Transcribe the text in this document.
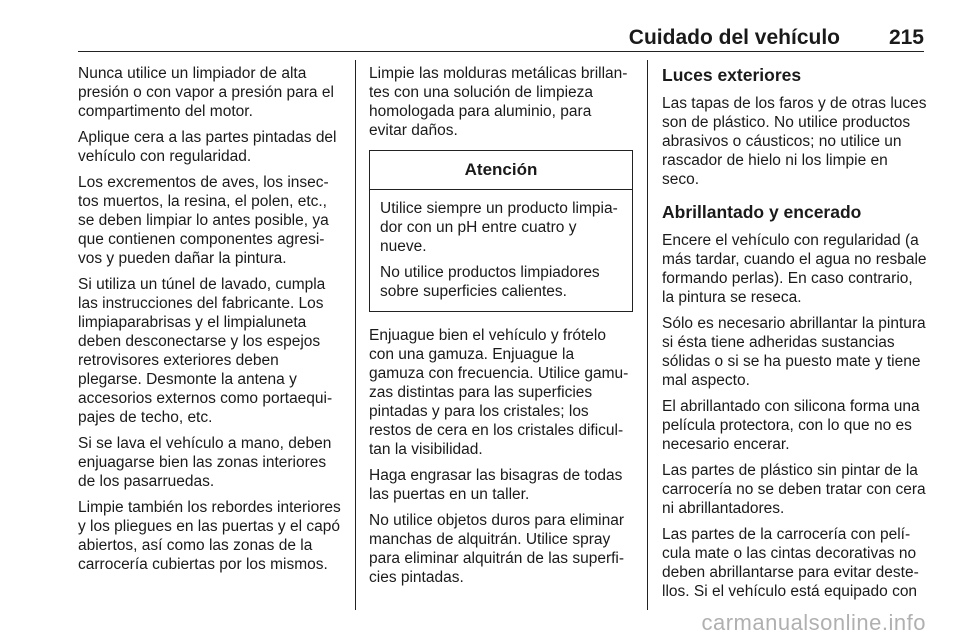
Cuidado del vehículo 215

Nunca utilice un limpiador de alta presión o con vapor a presión para el compartimento del motor.

Aplique cera a las partes pintadas del vehículo con regularidad.

Los excrementos de aves, los insectos muertos, la resina, el polen, etc., se deben limpiar lo antes posible, ya que contienen componentes agresivos y pueden dañar la pintura.

Si utiliza un túnel de lavado, cumpla las instrucciones del fabricante. Los limpiaparabrisas y el limpialuneta deben desconectarse y los espejos retrovisores exteriores deben plegarse. Desmonte la antena y accesorios externos como portaequipajes de techo, etc.

Si se lava el vehículo a mano, deben enjuagarse bien las zonas interiores de los pasarruedas.

Limpie también los rebordes interiores y los pliegues en las puertas y el capó abiertos, así como las zonas de la carrocería cubiertas por los mismos.

Limpie las molduras metálicas brillantes con una solución de limpieza homologada para aluminio, para evitar daños.

Atención

Utilice siempre un producto limpiador con un pH entre cuatro y nueve.

No utilice productos limpiadores sobre superficies calientes.

Enjuague bien el vehículo y frótelo con una gamuza. Enjuague la gamuza con frecuencia. Utilice gamuzas distintas para las superficies pintadas y para los cristales; los restos de cera en los cristales dificultan la visibilidad.

Haga engrasar las bisagras de todas las puertas en un taller.

No utilice objetos duros para eliminar manchas de alquitrán. Utilice spray para eliminar alquitrán de las superficies pintadas.

Luces exteriores

Las tapas de los faros y de otras luces son de plástico. No utilice productos abrasivos o cáusticos; no utilice un rascador de hielo ni los limpie en seco.

Abrillantado y encerado

Encere el vehículo con regularidad (a más tardar, cuando el agua no resbale formando perlas). En caso contrario, la pintura se reseca.

Sólo es necesario abrillantar la pintura si ésta tiene adheridas sustancias sólidas o si se ha puesto mate y tiene mal aspecto.

El abrillantado con silicona forma una película protectora, con lo que no es necesario encerar.

Las partes de plástico sin pintar de la carrocería no se deben tratar con cera ni abrillantadores.

Las partes de la carrocería con película mate o las cintas decorativas no deben abrillantarse para evitar destellos. Si el vehículo está equipado con

carmanualsonline.info
